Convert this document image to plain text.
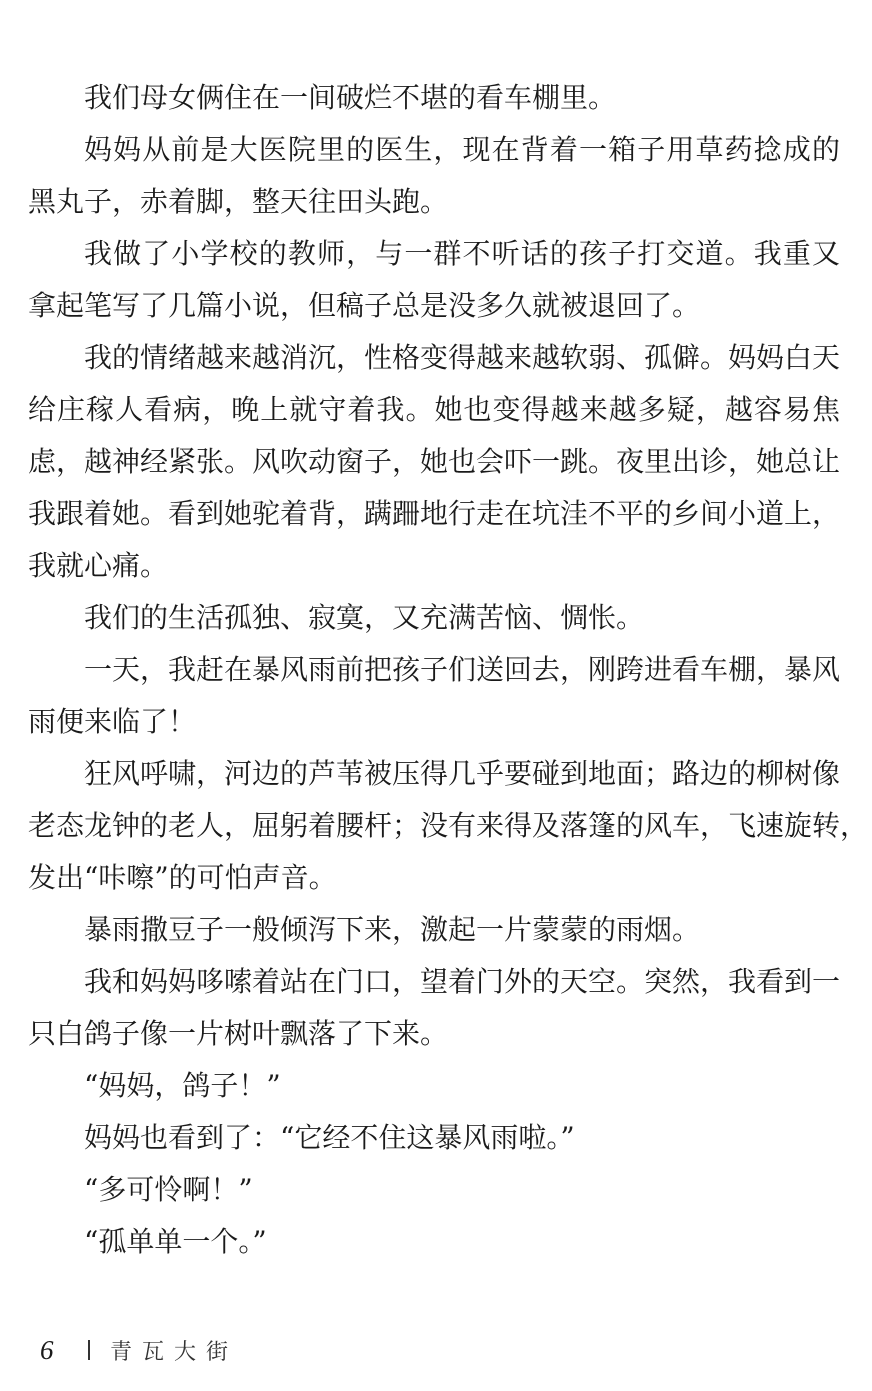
我们母女俩住在一间破烂不堪的看车棚里。
妈妈从前是大医院里的医生，现在背着一箱子用草药捻成的
黑丸子，赤着脚，整天往田头跑。
我做了小学校的教师，与一群不听话的孩子打交道。我重又
拿起笔写了几篇小说，但稿子总是没多久就被退回了。
我的情绪越来越消沉，性格变得越来越软弱、孤僻。妈妈白天
给庄稼人看病，晚上就守着我。她也变得越来越多疑，越容易焦
虑，越神经紧张。风吹动窗子，她也会吓一跳。夜里出诊，她总让
我跟着她。看到她驼着背，蹒跚地行走在坑洼不平的乡间小道上，
我就心痛。
我们的生活孤独、寂寞，又充满苦恼、惆怅。
一天，我赶在暴风雨前把孩子们送回去，刚跨进看车棚，暴风
雨便来临了！
狂风呼啸，河边的芦苇被压得几乎要碰到地面；路边的柳树像
老态龙钟的老人，屈躬着腰杆；没有来得及落篷的风车，飞速旋转，
发出“咔嚓”的可怕声音。
暴雨撒豆子一般倾泻下来，激起一片蒙蒙的雨烟。
我和妈妈哆嗦着站在门口，望着门外的天空。突然，我看到一
只白鸽子像一片树叶飘落了下来。
“妈妈，鸽子！”
妈妈也看到了：“它经不住这暴风雨啦。”
“多可怜啊！”
“孤单单一个。”
6	青瓦大街
